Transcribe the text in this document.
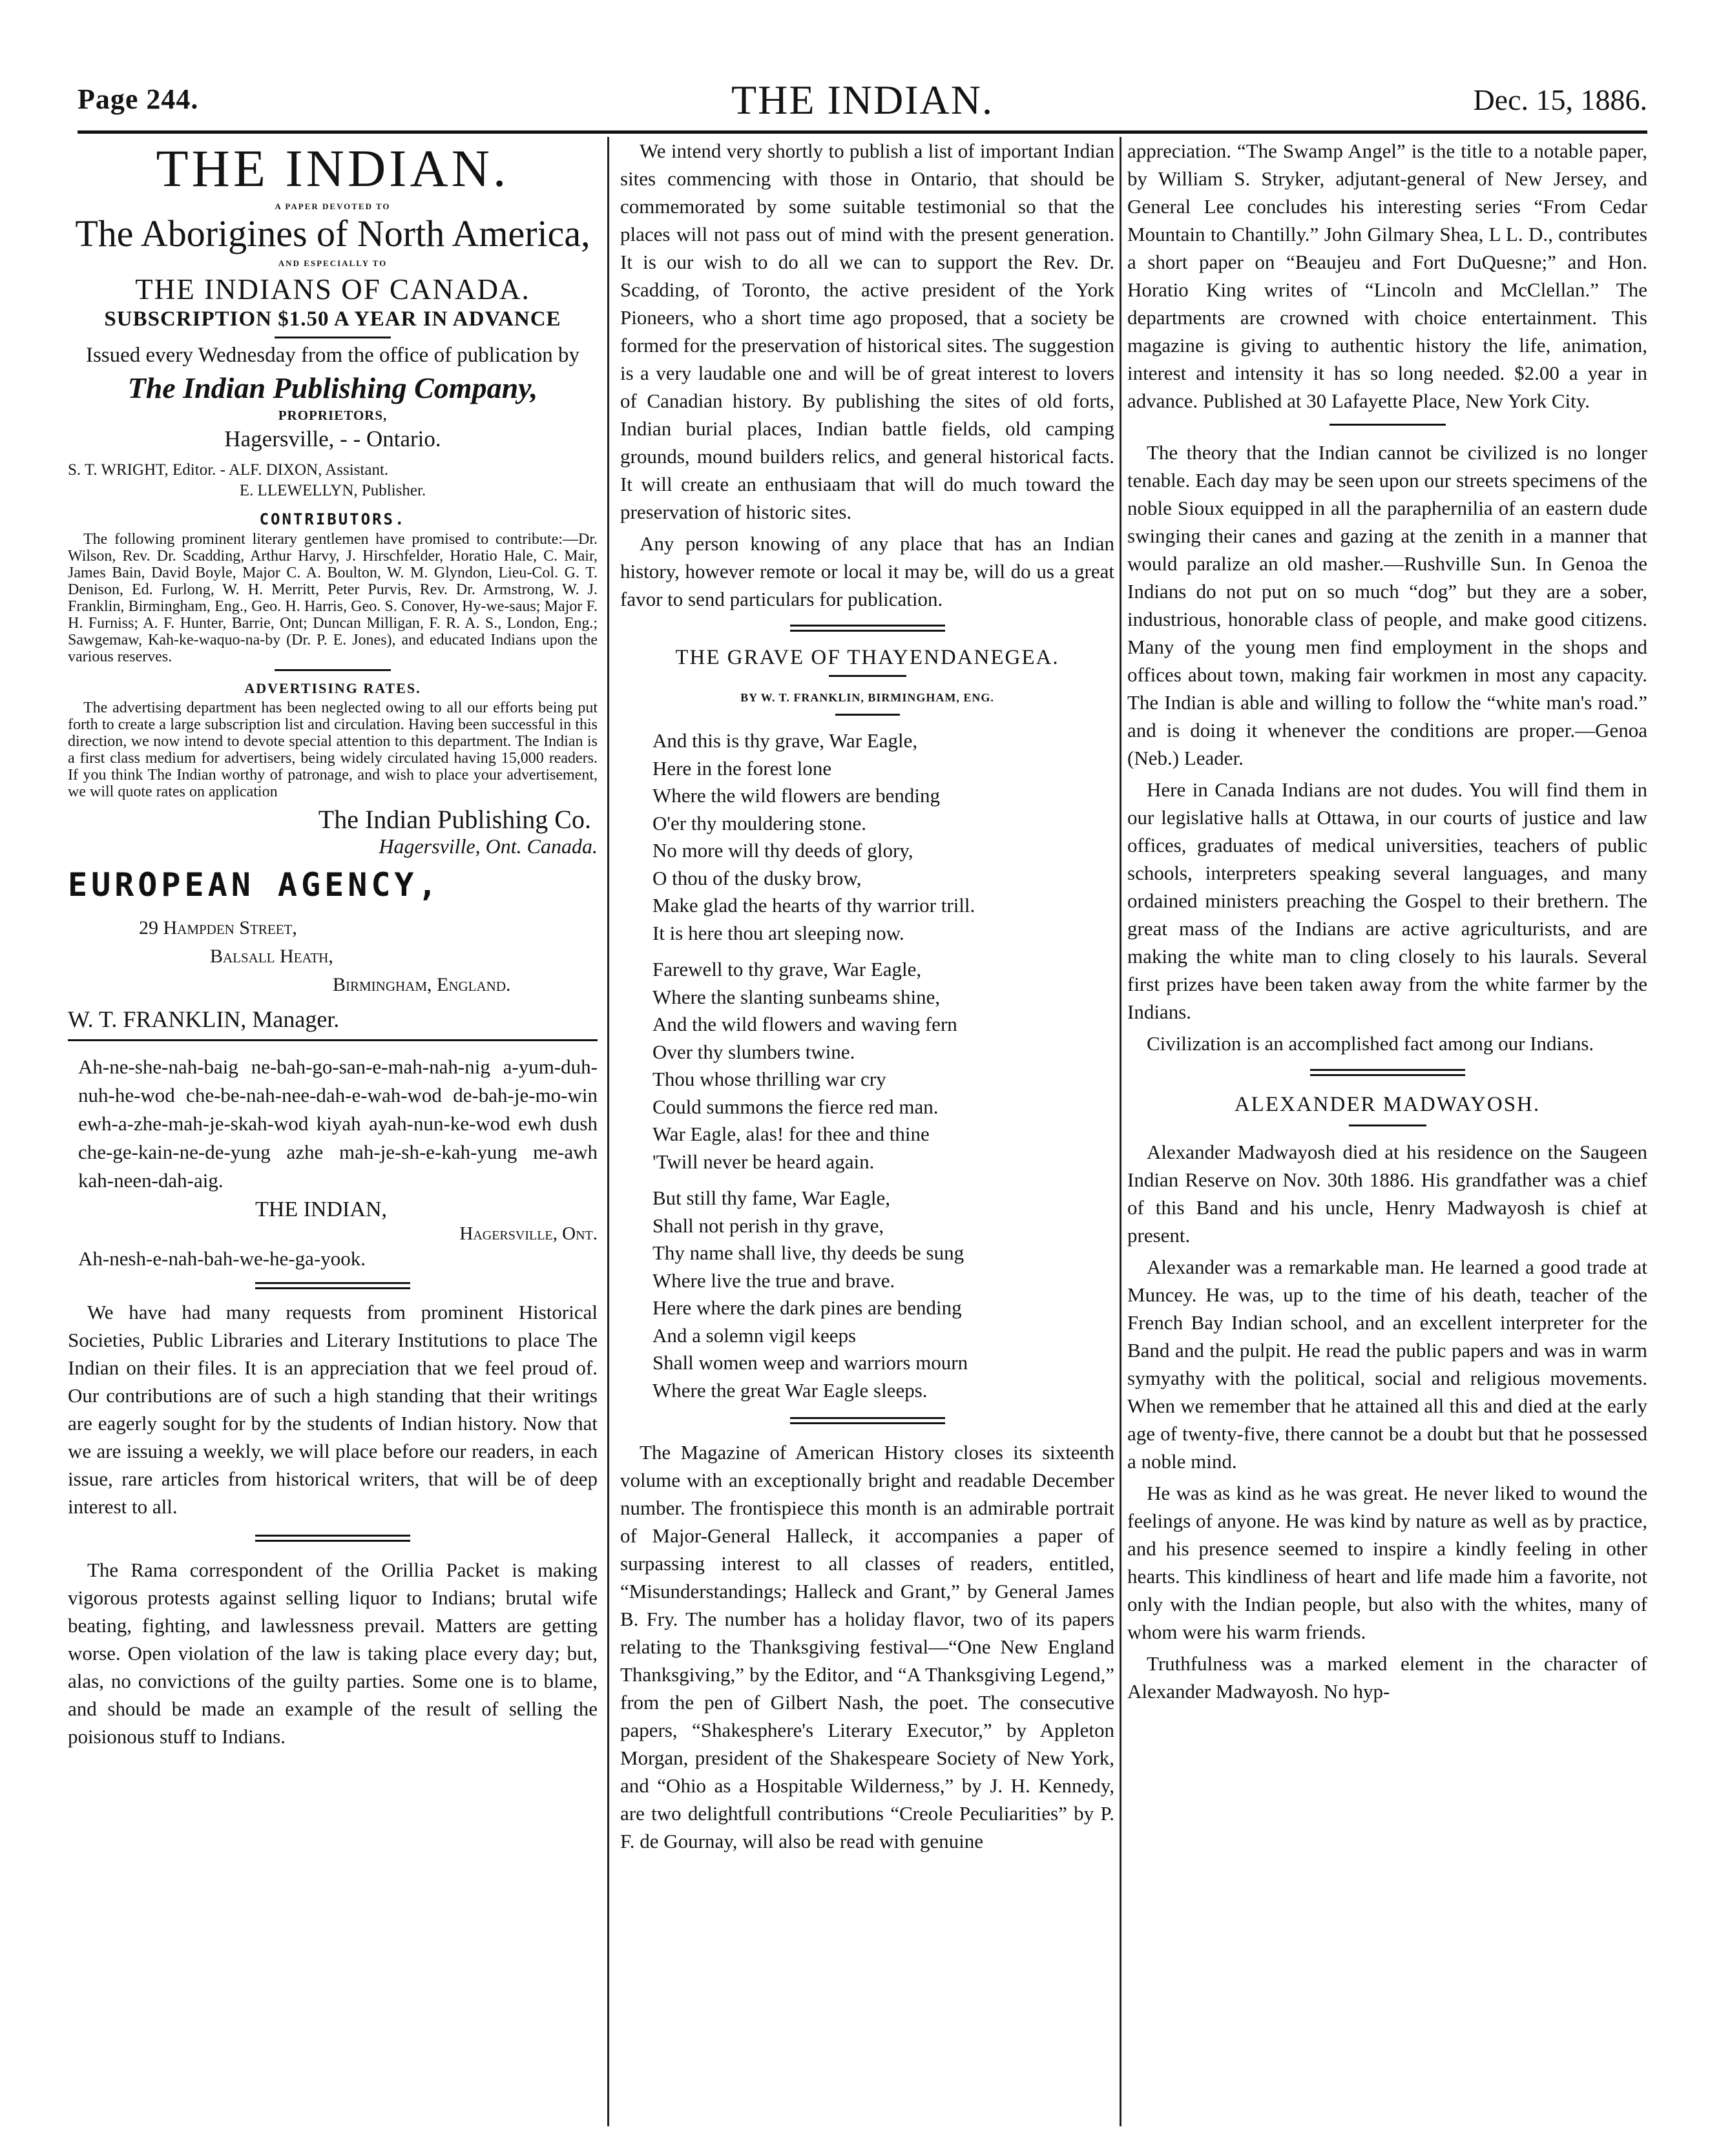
Page 244.	THE INDIAN.	Dec. 15, 1886.
THE INDIAN.
A PAPER DEVOTED TO
The Aborigines of North America,
AND ESPECIALLY TO
THE INDIANS OF CANADA.
SUBSCRIPTION $1.50 A YEAR IN ADVANCE
Issued every Wednesday from the office of publication by
The Indian Publishing Company,
PROPRIETORS,
Hagersville, - - Ontario.
S. T. WRIGHT, Editor. - ALF. DIXON, Assistant.
E. LLEWELLYN, Publisher.
CONTRIBUTORS.

The following prominent literary gentlemen have promised to contribute:—Dr. Wilson, Rev. Dr. Scadding, Arthur Harvy, J. Hirschfelder, Horatio Hale, C. Mair, James Bain, David Boyle, Major C. A. Boulton, W. M. Glyndon, Lieu-Col. G. T. Denison, Ed. Furlong, W. H. Merritt, Peter Purvis, Rev. Dr. Armstrong, W. J. Franklin, Birmingham, Eng., Geo. H. Harris, Geo. S. Conover, Hy-we-saus; Major F. H. Furniss; A. F. Hunter, Barrie, Ont; Duncan Milligan, F. R. A. S., London, Eng.; Sawgemaw, Kah-ke-waquo-na-by (Dr. P. E. Jones), and educated Indians upon the various reserves.

ADVERTISING RATES.

The advertising department has been neglected owing to all our efforts being put forth to create a large subscription list and circulation. Having been successful in this direction, we now intend to devote special attention to this department. The Indian is a first class medium for advertisers, being widely circulated having 15,000 readers. If you think The Indian worthy of patronage, and wish to place your advertisement, we will quote rates on application

The Indian Publishing Co.
Hagersville, Ont. Canada.
EUROPEAN AGENCY,
29 Hampden Street,
Balsall Heath,
Birmingham, England.
W. T. FRANKLIN, Manager.
Ah-ne-she-nah-baig ne-bah-go-san-e-mah-nah-nig a-yum-duh-nuh-he-wod che-be-nah-nee-dah-e-wah-wod de-bah-je-mo-win ewh-a-zhe-mah-je-skah-wod kiyah ayah-nun-ke-wod ewh dush che-ge-kain-ne-de-yung azhe mah-je-sh-e-kah-yung me-awh kah-neen-dah-aig.
THE INDIAN,
Hagersville, Ont.
Ah-nesh-e-nah-bah-we-he-ga-yook.

We have had many requests from prominent Historical Societies, Public Libraries and Literary Institutions to place The Indian on their files. It is an appreciation that we feel proud of. Our contributions are of such a high standing that their writings are eagerly sought for by the students of Indian history. Now that we are issuing a weekly, we will place before our readers, in each issue, rare articles from historical writers, that will be of deep interest to all.

The Rama correspondent of the Orillia Packet is making vigorous protests against selling liquor to Indians; brutal wife beating, fighting, and lawlessness prevail. Matters are getting worse. Open violation of the law is taking place every day; but, alas, no convictions of the guilty parties. Some one is to blame, and should be made an example of the result of selling the poisionous stuff to Indians.

We intend very shortly to publish a list of important Indian sites commencing with those in Ontario, that should be commemorated by some suitable testimonial so that the places will not pass out of mind with the present generation. It is our wish to do all we can to support the Rev. Dr. Scadding, of Toronto, the active president of the York Pioneers, who a short time ago proposed, that a society be formed for the preservation of historical sites. The suggestion is a very laudable one and will be of great interest to lovers of Canadian history. By publishing the sites of old forts, Indian burial places, Indian battle fields, old camping grounds, mound builders relics, and general historical facts. It will create an enthusiaam that will do much toward the preservation of historic sites.

Any person knowing of any place that has an Indian history, however remote or local it may be, will do us a great favor to send particulars for publication.

THE GRAVE OF THAYENDANEGEA.
BY W. T. FRANKLIN, BIRMINGHAM, ENG.
And this is thy grave, War Eagle,
Here in the forest lone
Where the wild flowers are bending
O'er thy mouldering stone.
No more will thy deeds of glory,
O thou of the dusky brow,
Make glad the hearts of thy warrior trill.
It is here thou art sleeping now.
Farewell to thy grave, War Eagle,
Where the slanting sunbeams shine,
And the wild flowers and waving fern
Over thy slumbers twine.
Thou whose thrilling war cry
Could summons the fierce red man.
War Eagle, alas! for thee and thine
'Twill never be heard again.
But still thy fame, War Eagle,
Shall not perish in thy grave,
Thy name shall live, thy deeds be sung
Where live the true and brave.
Here where the dark pines are bending
And a solemn vigil keeps
Shall women weep and warriors mourn
Where the great War Eagle sleeps.

The Magazine of American History closes its sixteenth volume with an exceptionally bright and readable December number. The frontispiece this month is an admirable portrait of Major-General Halleck, it accompanies a paper of surpassing interest to all classes of readers, entitled, “Misunderstandings; Halleck and Grant,” by General James B. Fry. The number has a holiday flavor, two of its papers relating to the Thanksgiving festival—“One New England Thanksgiving,” by the Editor, and “A Thanksgiving Legend,” from the pen of Gilbert Nash, the poet. The consecutive papers, “Shakesphere's Literary Executor,” by Appleton Morgan, president of the Shakespeare Society of New York, and “Ohio as a Hospitable Wilderness,” by J. H. Kennedy, are two delightfull contributions “Creole Peculiarities” by P. F. de Gournay, will also be read with genuine

appreciation. “The Swamp Angel” is the title to a notable paper, by William S. Stryker, adjutant-general of New Jersey, and General Lee concludes his interesting series “From Cedar Mountain to Chantilly.” John Gilmary Shea, L L. D., contributes a short paper on “Beaujeu and Fort DuQuesne;” and Hon. Horatio King writes of “Lincoln and McClellan.” The departments are crowned with choice entertainment. This magazine is giving to authentic history the life, animation, interest and intensity it has so long needed. $2.00 a year in advance. Published at 30 Lafayette Place, New York City.

The theory that the Indian cannot be civilized is no longer tenable. Each day may be seen upon our streets specimens of the noble Sioux equipped in all the paraphernilia of an eastern dude swinging their canes and gazing at the zenith in a manner that would paralize an old masher.—Rushville Sun. In Genoa the Indians do not put on so much “dog” but they are a sober, industrious, honorable class of people, and make good citizens. Many of the young men find employment in the shops and offices about town, making fair workmen in most any capacity. The Indian is able and willing to follow the “white man's road.” and is doing it whenever the conditions are proper.—Genoa (Neb.) Leader.

Here in Canada Indians are not dudes. You will find them in our legislative halls at Ottawa, in our courts of justice and law offices, graduates of medical universities, teachers of public schools, interpreters speaking several languages, and many ordained ministers preaching the Gospel to their brethern. The great mass of the Indians are active agriculturists, and are making the white man to cling closely to his laurals. Several first prizes have been taken away from the white farmer by the Indians.

Civilization is an accomplished fact among our Indians.

ALEXANDER MADWAYOSH.

Alexander Madwayosh died at his residence on the Saugeen Indian Reserve on Nov. 30th 1886. His grandfather was a chief of this Band and his uncle, Henry Madwayosh is chief at present.

Alexander was a remarkable man. He learned a good trade at Muncey. He was, up to the time of his death, teacher of the French Bay Indian school, and an excellent interpreter for the Band and the pulpit. He read the public papers and was in warm symyathy with the political, social and religious movements. When we remember that he attained all this and died at the early age of twenty-five, there cannot be a doubt but that he possessed a noble mind.

He was as kind as he was great. He never liked to wound the feelings of anyone. He was kind by nature as well as by practice, and his presence seemed to inspire a kindly feeling in other hearts. This kindliness of heart and life made him a favorite, not only with the Indian people, but also with the whites, many of whom were his warm friends.

Truthfulness was a marked element in the character of Alexander Madwayosh. No hyp-
